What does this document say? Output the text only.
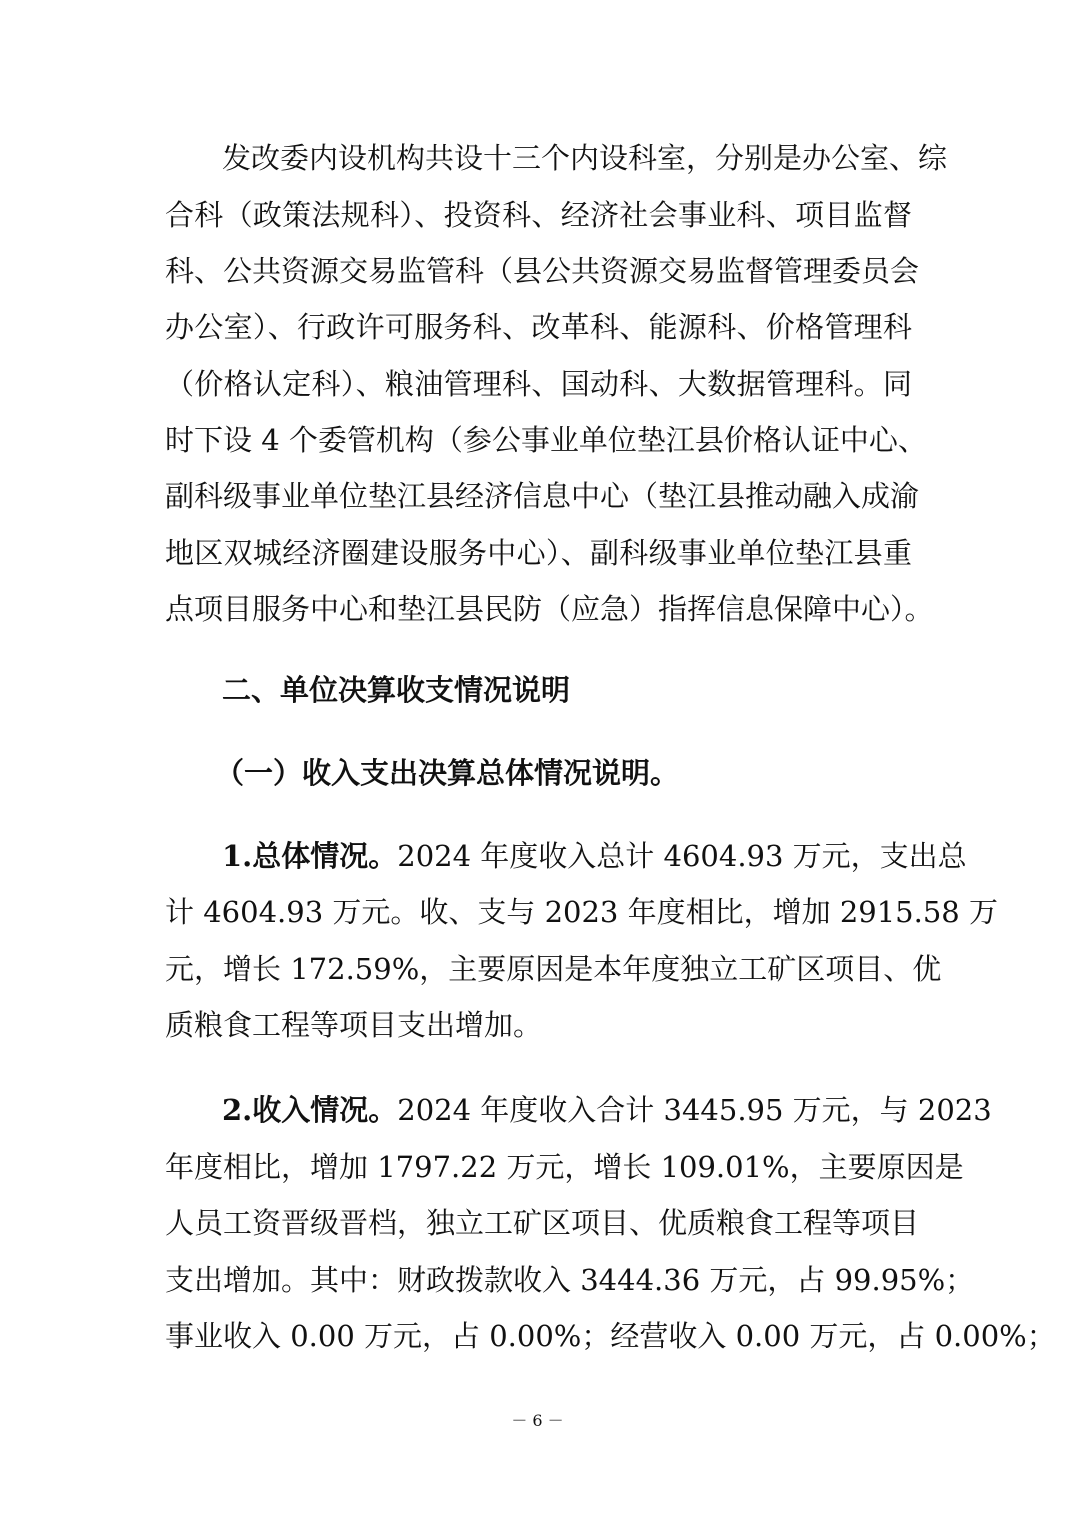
发改委内设机构共设十三个内设科室，分别是办公室、综
合科（政策法规科）、投资科、经济社会事业科、项目监督
科、公共资源交易监管科（县公共资源交易监督管理委员会
办公室）、行政许可服务科、改革科、能源科、价格管理科
（价格认定科）、粮油管理科、国动科、大数据管理科。同
时下设 4 个委管机构（参公事业单位垫江县价格认证中心、
副科级事业单位垫江县经济信息中心（垫江县推动融入成渝
地区双城经济圈建设服务中心）、副科级事业单位垫江县重
点项目服务中心和垫江县民防（应急）指挥信息保障中心）。
二、单位决算收支情况说明
（一）收入支出决算总体情况说明。
1.总体情况。2024 年度收入总计 4604.93 万元，支出总
计 4604.93 万元。收、支与 2023 年度相比，增加 2915.58 万
元，增长 172.59%，主要原因是本年度独立工矿区项目、优
质粮食工程等项目支出增加。
2.收入情况。2024 年度收入合计 3445.95 万元，与 2023
年度相比，增加 1797.22 万元，增长 109.01%，主要原因是
人员工资晋级晋档，独立工矿区项目、优质粮食工程等项目
支出增加。其中：财政拨款收入 3444.36 万元，占 99.95%；
事业收入 0.00 万元，占 0.00%；经营收入 0.00 万元，占 0.00%；
－ 6 －
